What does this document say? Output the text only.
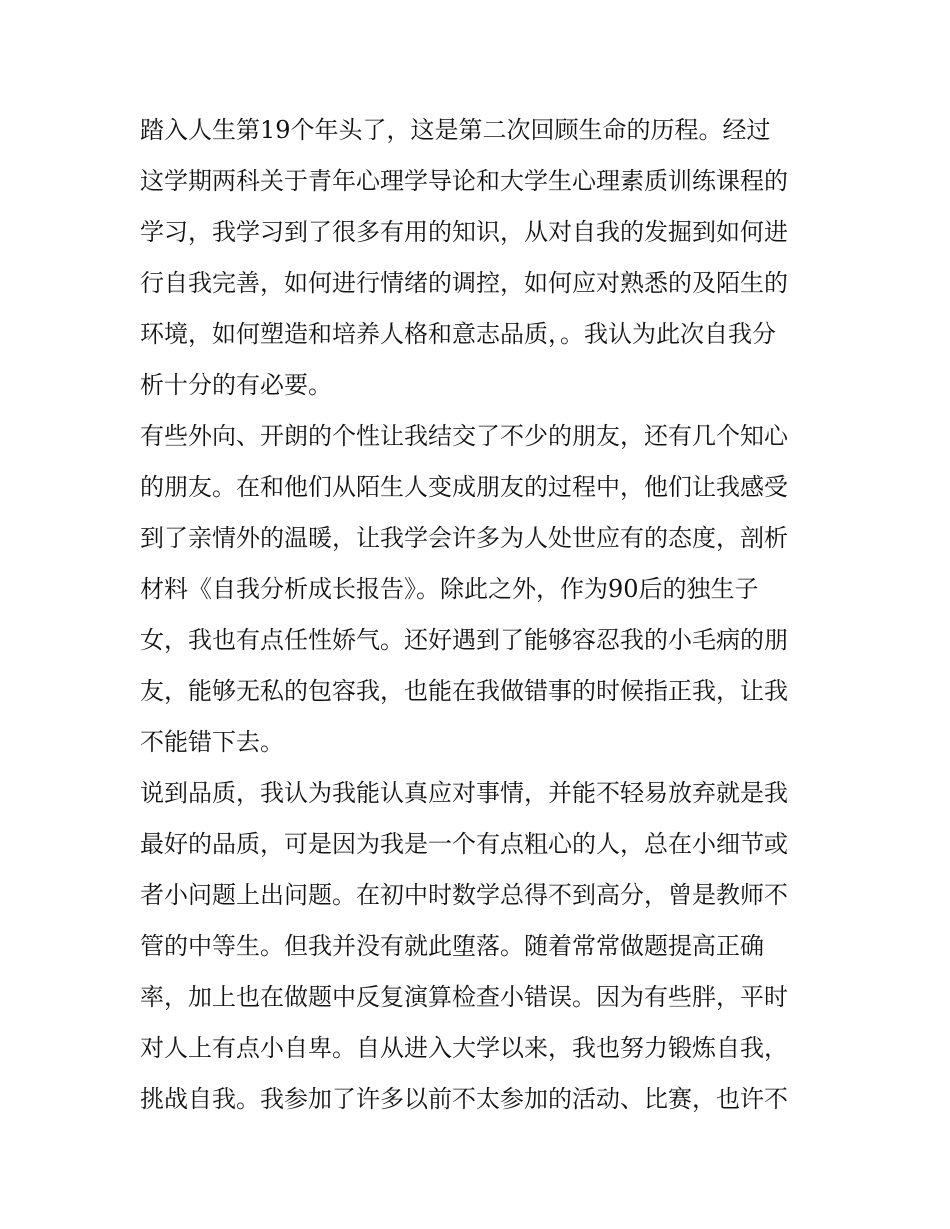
踏入人生第19个年头了，这是第二次回顾生命的历程。经过
这学期两科关于青年心理学导论和大学生心理素质训练课程的
学习，我学习到了很多有用的知识，从对自我的发掘到如何进
行自我完善，如何进行情绪的调控，如何应对熟悉的及陌生的
环境，如何塑造和培养人格和意志品质，。我认为此次自我分
析十分的有必要。
有些外向、开朗的个性让我结交了不少的朋友，还有几个知心
的朋友。在和他们从陌生人变成朋友的过程中，他们让我感受
到了亲情外的温暖，让我学会许多为人处世应有的态度，剖析
材料《自我分析成长报告》。除此之外，作为90后的独生子
女，我也有点任性娇气。还好遇到了能够容忍我的小毛病的朋
友，能够无私的包容我，也能在我做错事的时候指正我，让我
不能错下去。
说到品质，我认为我能认真应对事情，并能不轻易放弃就是我
最好的品质，可是因为我是一个有点粗心的人，总在小细节或
者小问题上出问题。在初中时数学总得不到高分，曾是教师不
管的中等生。但我并没有就此堕落。随着常常做题提高正确
率，加上也在做题中反复演算检查小错误。因为有些胖，平时
对人上有点小自卑。自从进入大学以来，我也努力锻炼自我，
挑战自我。我参加了许多以前不太参加的活动、比赛，也许不
